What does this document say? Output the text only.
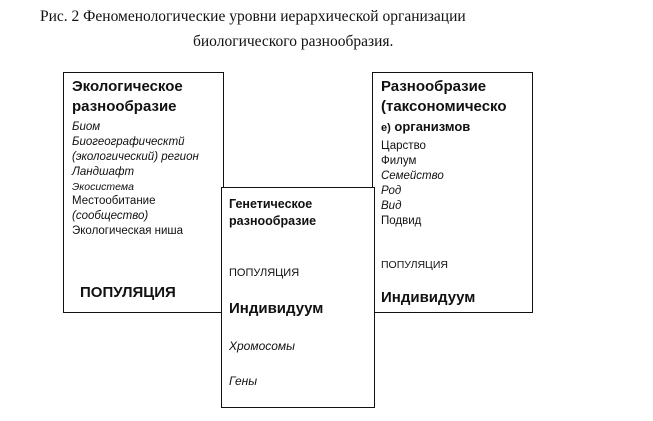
Рис. 2 Феноменологические уровни иерархической организации
биологического разнообразия.
Экологическое
разнообразие
Биом
Биогеографическтй
(экологический) регион
Ландшафт
Экосистема
Местообитание
(сообщество)
Экологическая ниша
ПОПУЛЯЦИЯ
Разнообразие
(таксономическо
е) организмов
Царство
Филум
Семейство
Род
Вид
Подвид
ПОПУЛЯЦИЯ
Индивидуум
Генетическое
разнообразие
ПОПУЛЯЦИЯ
Индивидуум
Хромосомы
Гены
